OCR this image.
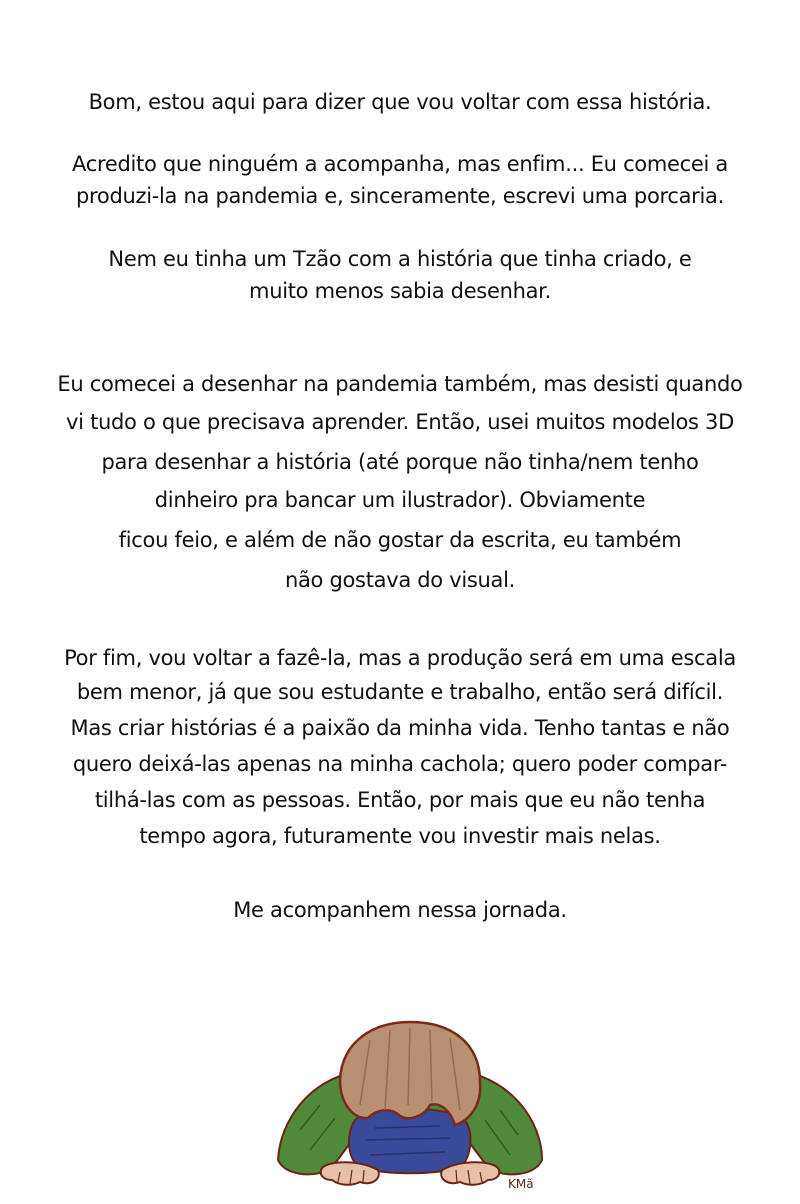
Bom, estou aqui para dizer que vou voltar com essa história.
Acredito que ninguém a acompanha, mas enfim... Eu comecei a
produzi-la na pandemia e, sinceramente, escrevi uma porcaria.
Nem eu tinha um Tzão com a história que tinha criado, e
muito menos sabia desenhar.
Eu comecei a desenhar na pandemia também, mas desisti quando
vi tudo o que precisava aprender. Então, usei muitos modelos 3D
para desenhar a história (até porque não tinha/nem tenho
dinheiro pra bancar um ilustrador). Obviamente
ficou feio, e além de não gostar da escrita, eu também
não gostava do visual.
Por fim, vou voltar a fazê-la, mas a produção será em uma escala
bem menor, já que sou estudante e trabalho, então será difícil.
Mas criar histórias é a paixão da minha vida. Tenho tantas e não
quero deixá-las apenas na minha cachola; quero poder compar-
tilhá-las com as pessoas. Então, por mais que eu não tenha
tempo agora, futuramente vou investir mais nelas.
Me acompanhem nessa jornada.
KMã
